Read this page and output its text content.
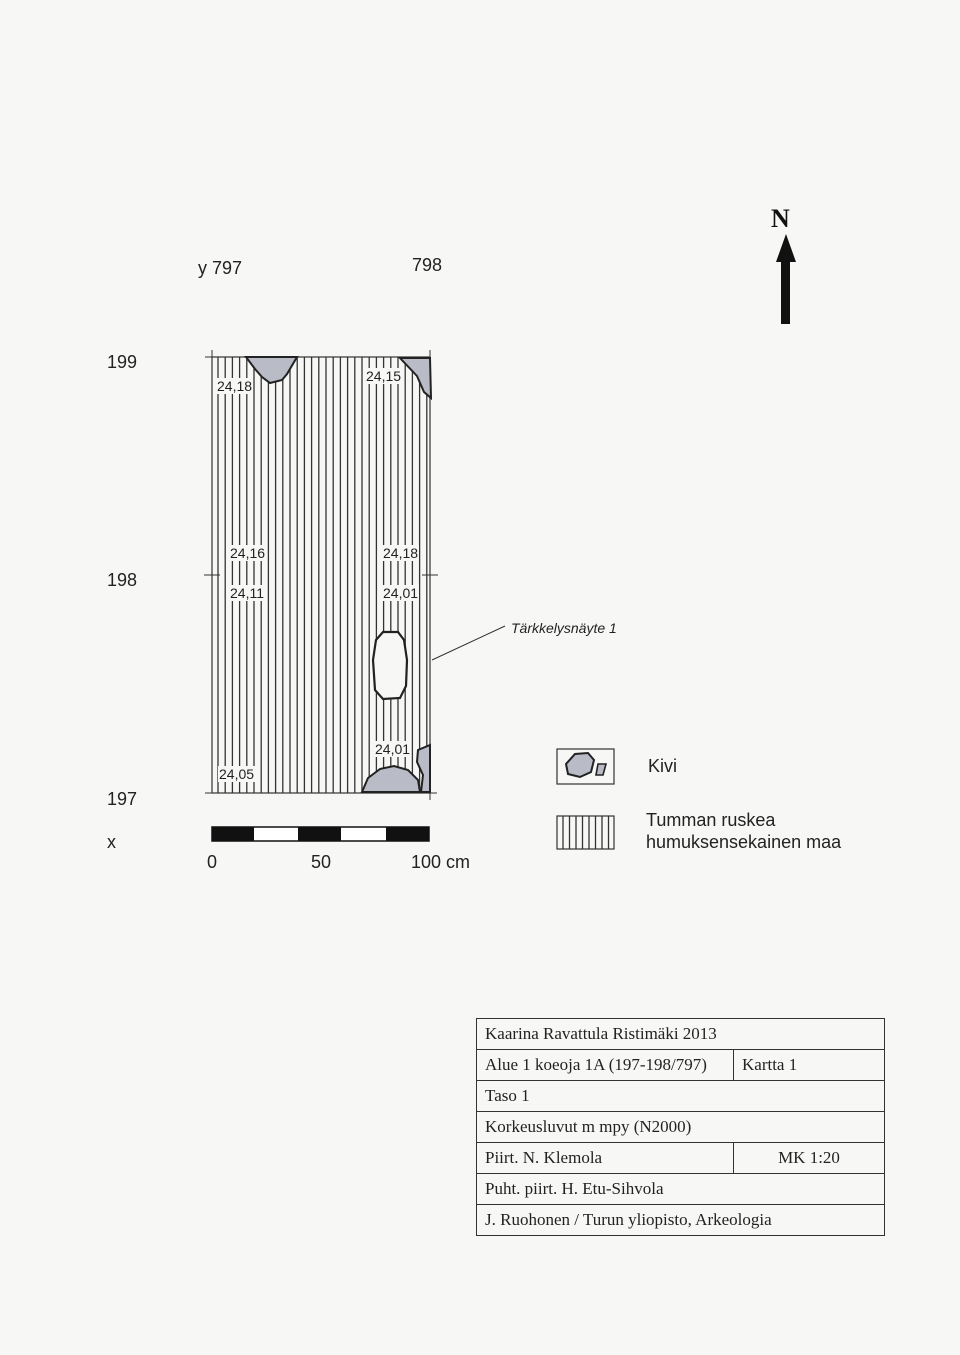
N
y 797	798
199
198
197
x
24,18
24,15
24,16
24,11
24,18
24,01
24,05
24,01
Tärkkelysnäyte 1
0	50	100 cm
Kivi
Tumman ruskea
humuksensekainen maa
Kaarina Ravattula Ristimäki 2013	
Alue 1 koeoja 1A (197-198/797)	Kartta 1
Taso 1	
Korkeusluvut m mpy (N2000)	
Piirt. N. Klemola	MK 1:20
Puht. piirt. H. Etu-Sihvola	
J. Ruohonen / Turun yliopisto, Arkeologia	
